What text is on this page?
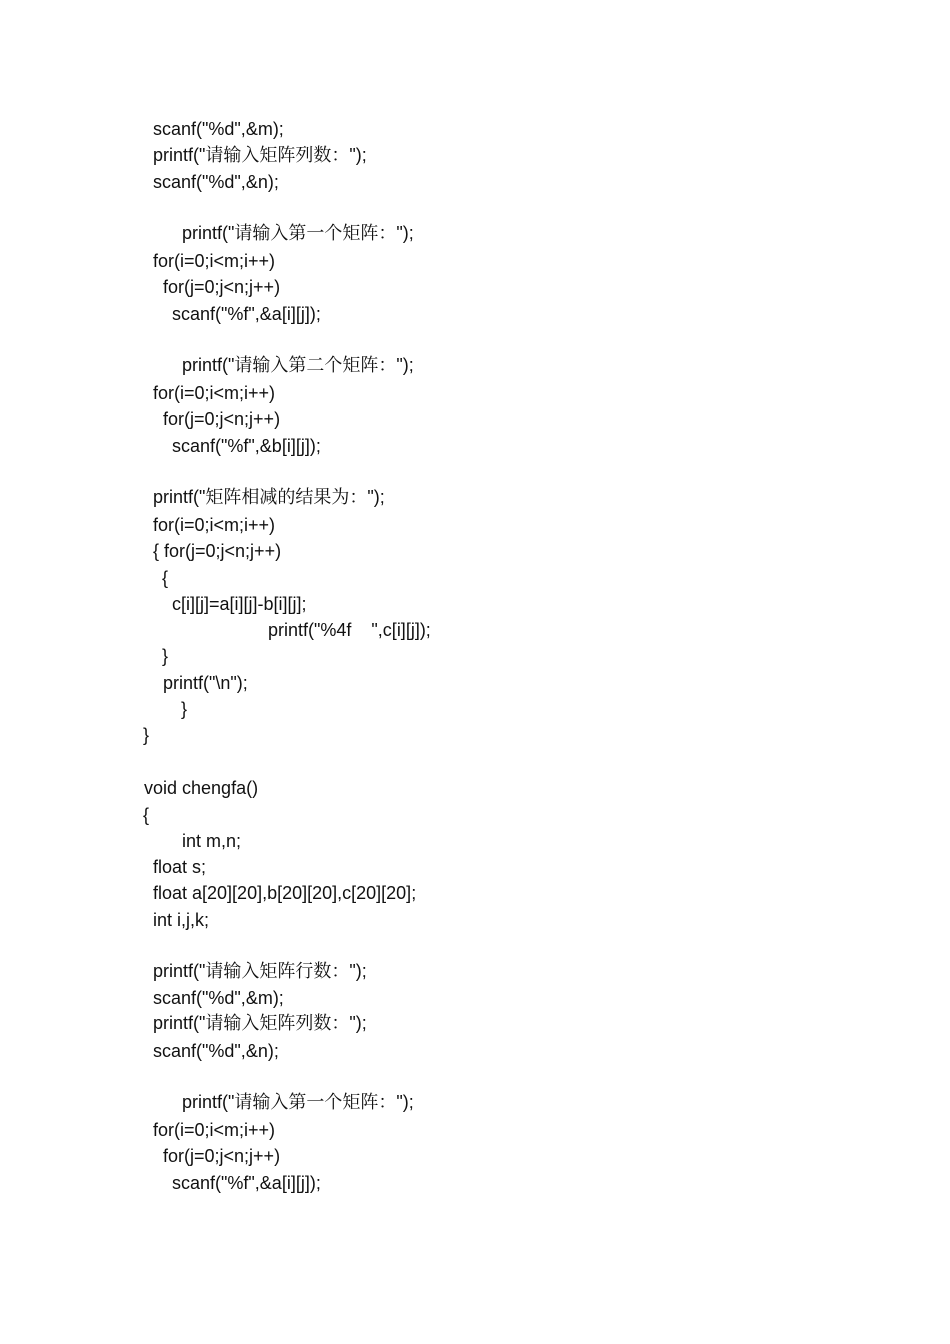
scanf("%d",&m);
printf("请输入矩阵列数：");
scanf("%d",&n);
printf("请输入第一个矩阵：");
for(i=0;i<m;i++)
for(j=0;j<n;j++)
scanf("%f",&a[i][j]);
printf("请输入第二个矩阵：");
for(i=0;i<m;i++)
for(j=0;j<n;j++)
scanf("%f",&b[i][j]);
printf("矩阵相减的结果为：");
for(i=0;i<m;i++)
{ for(j=0;j<n;j++)
{
c[i][j]=a[i][j]-b[i][j];
printf("%4f    ",c[i][j]);
}
printf("\n");
}
}
void chengfa()
{
int m,n;
float s;
float a[20][20],b[20][20],c[20][20];
int i,j,k;
printf("请输入矩阵行数：");
scanf("%d",&m);
printf("请输入矩阵列数：");
scanf("%d",&n);
printf("请输入第一个矩阵：");
for(i=0;i<m;i++)
for(j=0;j<n;j++)
scanf("%f",&a[i][j]);
